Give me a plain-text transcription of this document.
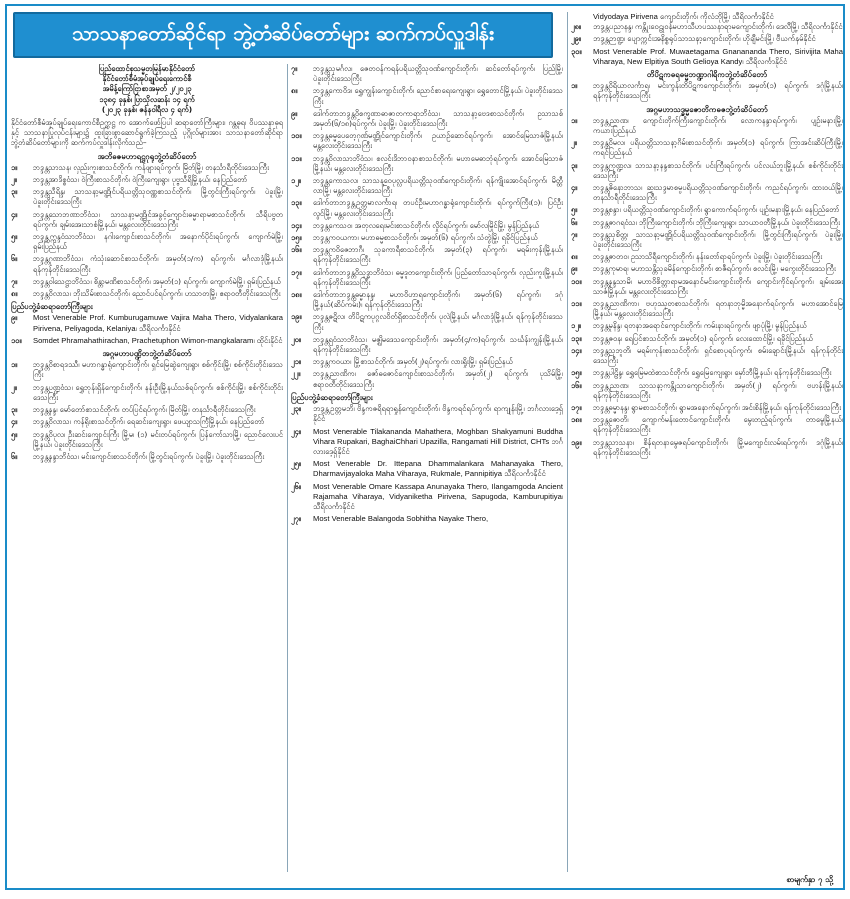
သာသနာတော်ဆိုင်ရာ ဘွဲ့တံဆိပ်တော်များ ဆက်ကပ်လှူဒါန်း
ပြည်ထောင်စုသမ္မတမြန်မာနိုင်ငံတော်
နိုင်ငံတော်စီမံအုပ်ချုပ်ရေးကောင်စီ
အမိန့်ကြော်ငြာစာအမှတ် ၂/၂၀၂၃
၁၃၈၄ ခုနှစ်၊ ပြာသိုလဆန်း ၁၄ ရက်
(၂၀၂၃ ခုနှစ်၊ ဇန်နဝါရီလ ၄ ရက်)
နိုင်ငံတော်စီမံအုပ်ချုပ်ရေးကောင်စီဥက္ကဋ္ဌ က အောက်ဖော်ပြပါ ဆရာတော်ကြီးများ၊ ဂန္ထဓုရ၊ ဝိပဿနာဓုရနှင့် သာသနာပြုလုပ်ငန်းများ၌ ထူးခြားစွာဆောင်ရွက်ခဲ့ကြသည့် ပုဂ္ဂိုလ်များအား သာသနာတော်ဆိုင်ရာ ဘွဲ့တံဆိပ်တော်များကို ဆက်ကပ်လှူဒါန်းလိုက်သည်–
အဘိဓဇမဟာရဋ္ဌဂုရုဘွဲ့တံဆိပ်တော်
၁။	ဘဒ္ဒန္တသာသန၊ လှည်းကူးစာသင်တိုက်၊ ကန်ဖျားရပ်ကွက်၊ မြိတ်မြို့၊ တနင်္သာရီတိုင်းဒေသကြီး
၂။	ဘဒ္ဒန္တအာဒိစ္စဝံသ၊ ဝဲကြီးစာသင်တိုက်၊ ဝဲကြီးကျေးရွာ၊ ပုဗ္ဗသီရိမြို့နယ်၊ နေပြည်တော်
၃။	ဘဒ္ဒန္တသီရိန္ဒ၊ သာသနာ့မဏ္ဍိုင်ပရိယတ္တိသုဝဏ္ဏစာသင်တိုက်၊ မြို့တွင်းကြီးရပ်ကွက်၊ ပဲခူးမြို့၊ ပဲခူးတိုင်းဒေသကြီး
၄။	ဘဒ္ဒန္တသောဘဏာဘိဝံသ၊ သာသနာ့မဏ္ဍိုင်အခွင့်ကျောင်းဓမ္မာရာမစာသင်တိုက်၊ သီရိပဗ္ဗတရပ်ကွက်၊ ချမ်းအေးသာစံမြို့နယ်၊ မန္တလေးတိုင်းဒေသကြီး
၅။	ဘဒ္ဒန္တဣန္ဒဝံသာဘိဝံသ၊ နဂါးကျောင်းစာသင်တိုက်၊ အနောက်ပိုင်းရပ်ကွက်၊ ကျောက်မဲမြို့၊ ရှမ်းပြည်နယ်
၆။	ဘဒ္ဒန္တဂုဏာဘိဝံသ၊ ကံသုံးဆောင်စာသင်တိုက်၊ အမှတ်(၁/က) ရပ်ကွက်၊ မင်္ဂလာဒုံမြို့နယ်၊ ရန်ကုန်တိုင်းဒေသကြီး
၇။	ဘဒ္ဒန္တဝါသေဋ္ဌာဘိဝံသ၊ စိန္တာမဏိစာသင်တိုက်၊ အမှတ်(၁) ရပ်ကွက်၊ ကျောက်မဲမြို့၊ ရှမ်းပြည်နယ်
၈။	ဘဒ္ဒန္တဝိလာသ၊ ဘိုးသိမ်းစာသင်တိုက်၊ ညောင်ပင်ရပ်ကွက်၊ ဟသာတမြို့၊ ဧရာဝတီတိုင်းဒေသကြီး
ပြည်ပဘွဲ့ခံဆရာတော်ကြီးများ
၉။	Most Venerable Prof. Kumburugamuwe Vajira Maha Thero, Vidyalankara Pirivena, Peliyagoda, Kelaniya၊ သီရိလင်္ကာနိုင်ငံ
၁၀။	Somdet Phramahathirachan, Prachetuphon Wimon-mangkalaram၊ ထိုင်းနိုင်ငံ
အဂ္ဂမဟာပဏ္ဍိတဘွဲ့တံဆိပ်တော်
၁။	ဘဒ္ဒန္တဝိစာရဒဿီ၊ မဟာဂန္ဓာရုံကျောင်းတိုက်၊ ရှင်မြေဆွဲကျေးရွာ၊ စစ်ကိုင်းမြို့၊ စစ်ကိုင်းတိုင်းဒေသကြီး
၂။	ဘဒ္ဒန္တပဏ္ဍဝံသ၊ ရွှေဘုန်းရှိန်ကျောင်းတိုက်၊ နန်းဦးမြို့နယ်သစ်ရပ်ကွက်၊ စစ်ကိုင်းမြို့၊ စစ်ကိုင်းတိုင်းဒေသကြီး
၃။	ဘဒ္ဒန္တနန္ဒ၊ မော်တော်စာသင်တိုက်၊ တပ်ပြင်ရပ်ကွက်၊ မြိတ်မြို့၊ တနင်္သာရီတိုင်းဒေသကြီး
၄။	ဘဒ္ဒန္တဝိလာသ၊ ကန်ရိုးစာသင်တိုက်၊ ရေဆင်းကျေးရွာ၊ ဖေယျာသင်္ကြံမြို့နယ်၊ နေပြည်တော်
၅။	ဘဒ္ဒန္တဝိပုလ၊ ဦးဆင်းကျောင်းကြီး မြို့မ၊ (၁) မင်းတပ်ရပ်ကွက်၊ ပြန်ကော်သာမြို့၊ ညောင်လေးပင်မြို့နယ်၊ ပဲခူးတိုင်းဒေသကြီး
၆။	ဘဒ္ဒန္တနန္ဒာဘိဝံသ၊ မင်းကျောင်းစာသင်တိုက်၊ မြို့တွင်းရပ်ကွက်၊ ပဲခူးမြို့၊ ပဲခူးတိုင်းဒေသကြီး
၇။	ဘဒ္ဒန္တသုမင်္ဂလ၊ ဇေတဝန်ကရန်ပရိယတ္တိသုဝဏ်ကျောင်းတိုက်၊ ဆင်တော်ရပ်ကွက်၊ ပြည်မြို့၊ ပဲခူးတိုင်းဒေသကြီး
၈။	ဘဒ္ဒန္တကောဝိဒ၊ ရွှေကျွန်းကျောင်းတိုက်၊ ညောင်စာရေးကျေးရွာ၊ ရွှေတောင်မြို့နယ်၊ ပဲခူးတိုင်းဒေသကြီး
၉။	ဒေါက်တာဘဒ္ဒန္တဝိစက္ခဏာဓာဇာတကာရာဘိဝံသ၊ သာသနာ့ဗေဒစာသင်တိုက်၊ ဥသာသစ်အမှတ်(၆/၁၈)ရပ်ကွက်၊ ပဲခူးမြို့၊ ပဲခူးတိုင်းဒေသကြီး
၁၀။	ဘဒ္ဒန္တဓမ္မပေတေ့ဂုဏ်မဏ္ဍိုင်ကျောင်းတိုက်၊ ဥယာဉ်ဆောင်ရပ်ကွက်၊ အောင်မြေသာဇံမြို့နယ်၊ မန္တလေးတိုင်းဒေသကြီး
၁၁။	ဘဒ္ဒန္တဝိလာသာဘိဝံသ၊ စလင်းဒိဘာဝနာစာသင်တိုက်၊ မဟာမေဓာဘုံရပ်ကွက်၊ အောင်မြေသာဇံမြို့နယ်၊ မန္တလေးတိုင်းဒေသကြီး
၁၂။	ဘဒ္ဒန္တကောသလ၊ သာသန့ဝေပုလ္လပရိယတ္တိသုဝဏ်ကျောင်းတိုက်၊ ရန်ကျိုးအောင်ရပ်ကွက်၊ မိတ္ထီလာမြို့၊ မန္တလေးတိုင်းဒေသကြီး
၁၃။	ဒေါက်တာဘဒ္ဒန္တဥတ္တမာလင်္ကာရ၊ တပင်ဦးမဟာဂန္ဓာရုံကျောင်းတိုက်၊ ရပ်ကွက်ကြီး(၁)၊ ပြင်ဦးလွင်မြို့၊ မန္တလေးတိုင်းဒေသကြီး
၁၄။	ဘဒ္ဒန္တကေသဝ၊ အတုလရေးမင်းစာသင်တိုက်၊ လှိုင်ရပ်ကွက်၊ မော်လမြိုင်မြို့၊ မွန်ပြည်နယ်
၁၅။	ဘဒ္ဒန္တကဝယကာ၊ မဟာဓမ္မစာသင်တိုက်၊ အမှတ်(၆) ရပ်ကွက်၊ သံတွဲမြို့၊ ရခိုင်ပြည်နယ်
၁၆။	ဘဒ္ဒန္တကဝိဇေဘာဂီ၊ သုခကာရီစာသင်တိုက်၊ အမှတ်(၃) ရပ်ကွက်၊ မရမ်းကုန်းမြို့နယ်၊ ရန်ကုန်တိုင်းဒေသကြီး
၁၇။	ဒေါက်တာဘဒ္ဒန္တဝိသုဒ္ဓာဘိဝံသ၊ ဓမ္မဒူတကျောင်းတိုက်၊ ပြည်တော်သာရပ်ကွက်၊ လှည်းကူးမြို့နယ်၊ ရန်ကုန်တိုင်းဒေသကြီး
၁၈။	ဒေါက်တာဘဒ္ဒန္တဓမ္မာနန္ဒ၊ မဟာဝိဟာရကျောင်းတိုက်၊ အမှတ်(၆) ရပ်ကွက်၊ ဒဂုံမြို့နယ်(ဆိပ်ကမ်း)၊ ရန်ကုန်တိုင်းဒေသကြီး
၁၉။	ဘဒ္ဒန္တဇဋိလ၊ တိပိဋကပုဂ္ဂလဝိတ်ရှိစာသင်တိုက်၊ ပုလဲမြို့နယ်၊ မင်္ဂလာဒုံမြို့နယ်၊ ရန်ကုန်တိုင်းဒေသကြီး
၂၀။	ဘဒ္ဒန္တရဝံသာဘိဝံသ၊ မဇ္ဈိမဒေသကျောင်းတိုက်၊ အမှတ်(၄/က)ရပ်ကွက်၊ သင်္ဃန်းကျွန်းမြို့နယ်၊ ရန်ကုန်တိုင်းဒေသကြီး
၂၁။	ဘဒ္ဒန္တကဝယာ၊ မြို့စာသင်တိုက်၊ အမှတ်(၂)ရပ်ကွက်၊ လားရှိုးမြို့၊ ရှမ်းပြည်နယ်
၂၂။	ဘဒ္ဒန္တညာဏိက၊ ဇော်ဓဇောင်ကျောင်းစာသင်တိုက်၊ အမှတ်(၂) ရပ်ကွက်၊ ပုသိမ်မြို့၊ ဧရာဝတီတိုင်းဒေသကြီး
ပြည်ပဘွဲ့ခံဆရာတော်ကြီးများ
၂၃။	ဘဒ္ဒန္တဥတ္တမဘိ၊ ဗိန္ဒကဇရိရရာရှုန်ကျောင်းတိုက်၊ ဗိန္ဒကရင်ရပ်ကွက်၊ ရာကျုန်းမြို့၊ ဘင်္ဂလားဒေ့ရှ်နိုင်ငံ
၂၄။	Most Venerable Tilakananda Mahathera, Moghban Shakyamuni Buddha Vihara Rupakari, BaghaiChhari Upazilla, Rangamati Hill District, CHTs ဘင်္ဂလားဒေ့ရှ်နိုင်ငံ
၂၅။	Most Venerable Dr. Ittepana Dhammalankara Mahanayaka Thero, Dharmavijayaloka Maha Viharaya, Rukmale, Pannipitiya သီရိလင်္ကာနိုင်ငံ
၂၆။	Most Venerable Omare Kassapa Anunayaka Thero, Ilangamgoda Ancient Rajamaha Viharaya, Vidyaniketha Pirivena, Sapugoda, Kamburupitiya၊ သီရိလင်္ကာနိုင်ငံ
၂၇။	Most Venerable Balangoda Sobhitha Nayake Thero,
Vidyodaya Pirivena ကျောင်းတိုက်၊ ကိုလံဘိုမြို့၊ သီရိလင်္ကာနိုင်ငံ
၂၈။	ဘဒ္ဒန္တပညာနန္ဒ၊ ကန္တိုးဝေဠုဝန်မဟာသီဟပဿနာရာမကျောင်းတိုက်၊ ဒေလီမြို့၊ သီရိလင်္ကာနိုင်ငံ
၂၉။	ဘဒ္ဒန္တဉာဏ္ဍ၊ ပျောက္ကင်းအနိစ္စရုပ်သာသနာ့ကျောင်းတိုက်၊ ဟိုချီမင်းမြို့၊ ဗီယက်နမ်နိုင်ငံ
၃၀။	Most Venerable Prof. Muwaetagama Gnanananda Thero, Sirivijita Maha Viharaya, New Elpitiya South Gelioya Kandy၊ သီရိလင်္ကာနိုင်ငံ
တိပိဋကဓရဓမ္မဘဏ္ဍာဂါရိကဘွဲ့တံဆိပ်တော်
၁။	ဘဒ္ဒန္တဝိရိယာလင်္ကာရ၊ မင်းကွန်းတိပိဋကကျောင်းတိုက်၊ အမှတ်(၁) ရပ်ကွက်၊ ဒဂုံမြို့နယ်၊ ရန်ကုန်တိုင်းဒေသကြီး
အဂ္ဂမဟာသဒ္ဓမ္မဇောတိကဓဇဘွဲ့တံဆိပ်တော်
၁။	ဘဒ္ဒန္တညာဏ၊ ကျောင်းတိုက်ကြီးကျောင်းတိုက်၊ လောကနန္ဒာရပ်ကွက်၊ ပျဉ်းမနားမြို့၊ ကယားပြည်နယ်
၂။	ဘဒ္ဒန္တဝိမလ၊ ပရိယတ္တိသာသနာ့ဂိမ်းစာသင်တိုက်၊ အမှတ်(၁) ရပ်ကွက်၊ ကြာအင်းဆိပ်ကြီးမြို့၊ ကရင်ပြည်နယ်
၃။	ဘဒ္ဒန္တကုဏ္ဍလ၊ သာသနာ့နန္ဒစာသင်တိုက်၊ ပင်းကြီးရပ်ကွက်၊ ပင်လယ်ဘူးမြို့နယ်၊ စစ်ကိုင်းတိုင်းဒေသကြီး
၄။	ဘဒ္ဒန္တဇိနောဘာသ၊ ဆူးသဒ္ဒမာစမ္ပပရိယတ္တိသုဝဏ်ကျောင်းတိုက်၊ ကညင်ရပ်ကွက်၊ ထားဝယ်မြို့၊ တနင်္သာရီတိုင်းဒေသကြီး
၅။	ဘဒ္ဒန္တစန္ဒာ၊ ပရိယတ္တိသုဝဏ်ကျောင်းတိုက်၊ ရွာကောက်ရပ်ကွက်၊ ပျဉ်းမနားမြို့နယ်၊ နေပြည်တော်
၆။	ဘဒ္ဒန္တဇာဂရဝံသ၊ ဘိုကြီးကျောင်းတိုက်၊ ဘိုကြီးကျေးရွာ၊ သာယာဝတီမြို့နယ်၊ ပဲခူးတိုင်းဒေသကြီး
၇။	ဘဒ္ဒန္တသုစိတ္တ၊ သာသနာ့မဏ္ဍိုင်ပရိယတ္တိသုဝဏ်ကျောင်းတိုက်၊ မြို့တွင်းကြီးရပ်ကွက်၊ ပဲခူးမြို့၊ ပဲခူးတိုင်းဒေသကြီး
၈။	ဘဒ္ဒန္တဇာတဝ၊ ဥသာသိရီကျောင်းတိုက်၊ နန်းတော်ရာရပ်ကွက်၊ ပဲခူးမြို့၊ ပဲခူးတိုင်းဒေသကြီး
၉။	ဘဒ္ဒန္တကုမာရ၊ မဟာသန္တိသုခမိန်ကျောင်းတိုက်၊ စာဇီရပ်ကွက်၊ စလင်းမြို့၊ မကွေးတိုင်းဒေသကြီး
၁၀။	ဘဒ္ဒန္တနန္ဒသာမိ၊ မဟာဝိစိတ္တာရာမအနောင်မင်းကျောင်းတိုက်၊ ကျောင်းကိုင်ရပ်ကွက်၊ ချမ်းအေးသာဇံမြို့နယ်၊ မန္တလေးတိုင်းဒေသကြီး
၁၁။	ဘဒ္ဒန္တညာဏိကာ၊ ဗဟုဿုတစာသင်တိုက်၊ ရတနာဘုမ္မိအနောက်ရပ်ကွက်၊ မဟာအောင်မြေမြို့နယ်၊ မန္တလေးတိုင်းဒေသကြီး
၁၂။	ဘဒ္ဒန္တမုနိန္ဒ၊ ရတနာအရောင်ကျောင်းတိုက်၊ ကမ်းနားရပ်ကွက်၊ ဖျာပုံမြို့၊ မွန်ပြည်နယ်
၁၃။	ဘဒ္ဒန္တဇဝန၊ ရေပြင်စာသင်တိုက်၊ အမှတ်(၁) ရပ်ကွက်၊ လေးထောင်မြို့၊ ရခိုင်ပြည်နယ်
၁၄။	ဘဒ္ဒန္တသုဘူတိ၊ မရမ်းကုန်းစာသင်တိုက်၊ ရှင်စောပုရပ်ကွက်၊ စမ်းချောင်းမြို့နယ်၊ ရန်ကုန်တိုင်းဒေသကြီး
၁၅။	ဘဒ္ဒန္တပါဠိန္ဒ၊ ရွှေမြေမထဲစာသင်တိုက်၊ ရွှေမြေကျေးရွာ၊ မှော်ဘီမြို့နယ်၊ ရန်ကုန်တိုင်းဒေသကြီး
၁၆။	ဘဒ္ဒန္တညာဏ၊ သာသနာ့ကန္တိုသာကျောင်းတိုက်၊ အမှတ်(၂) ရပ်ကွက်၊ ဗဟန်းမြို့နယ်၊ ရန်ကုန်တိုင်းဒေသကြီး
၁၇။	ဘဒ္ဒန္တဓမ္မာနန္ဒ၊ ရွာမစာသင်တိုက်၊ ရွာမအနောက်ရပ်ကွက်၊ အင်းစိန်မြို့နယ်၊ ရန်ကုန်တိုင်းဒေသကြီး
၁၈။	ဘဒ္ဒန္တဇောတိ၊ ကျောက်မန်းတောင်ကျောင်းတိုက်၊ မွေးတည့်ရပ်ကွက်၊ တာမွေမြို့နယ်၊ ရန်ကုန်တိုင်းဒေသကြီး
၁၉။	ဘဒ္ဒန္တသာသနာ၊ စိန်ရတနာမွေဇရပ်ကျောင်းတိုက်၊ မြို့မကျောင်းလမ်းရပ်ကွက်၊ ဒဂုံမြို့နယ်၊ ရန်ကုန်တိုင်းဒေသကြီး
စာမျက်နှာ ၇ သို့
